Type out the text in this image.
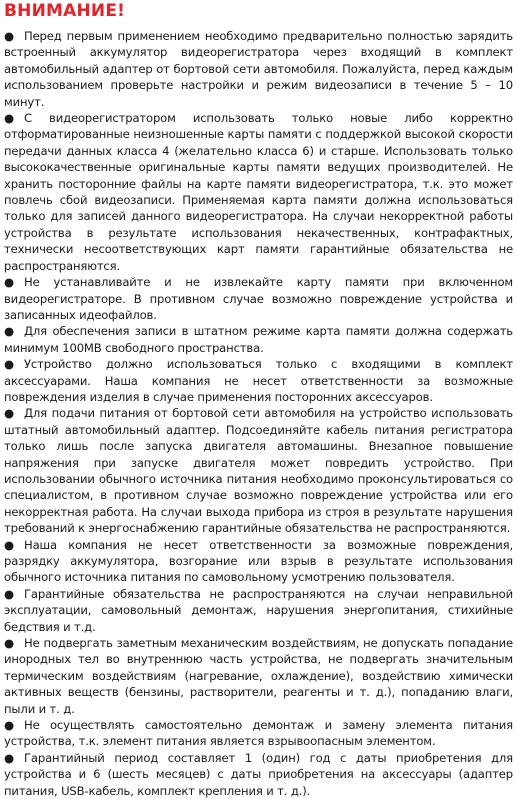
ВНИМАНИЕ!
● Перед первым применением необходимо предварительно полностью зарядить встроенный аккумулятор видеорегистратора через входящий в комплект автомобильный адаптер от бортовой сети автомобиля. Пожалуйста, перед каждым использованием проверьте настройки и режим видеозаписи в течение 5 – 10 минут.
● С видеорегистратором использовать только новые либо корректно отформатированные неизношенные карты памяти с поддержкой высокой скорости передачи данных класса 4 (желательно класса 6) и старше. Использовать только высококачественные оригинальные карты памяти ведущих производителей. Не хранить посторонние файлы на карте памяти видеорегистратора, т.к. это может повлечь сбой видеозаписи. Применяемая карта памяти должна использоваться только для записей данного видеорегистратора. На случаи некорректной работы устройства в результате использования некачественных, контрафактных, технически несоответствующих карт памяти гарантийные обязательства не распространяются.
● Не устанавливайте и не извлекайте карту памяти при включенном видеорегистраторе. В противном случае возможно повреждение устройства и записанных идеофайлов.
● Для обеспечения записи в штатном режиме карта памяти должна содержать минимум 100MB свободного пространства.
● Устройство должно использоваться только с входящими в комплект аксессуарами. Наша компания не несет ответственности за возможные повреждения изделия в случае применения посторонних аксессуаров.
● Для подачи питания от бортовой сети автомобиля на устройство использовать штатный автомобильный адаптер. Подсоединяйте кабель питания регистратора только лишь после запуска двигателя автомашины. Внезапное повышение напряжения при запуске двигателя может повредить устройство. При использовании обычного источника питания необходимо проконсультироваться со специалистом, в противном случае возможно повреждение устройства или его некорректная работа. На случаи выхода прибора из строя в результате нарушения требований к энергоснабжению гарантийные обязательства не распространяются.
● Наша компания не несет ответственности за возможные повреждения, разрядку аккумулятора, возгорание или взрыв в результате использования обычного источника питания по самовольному усмотрению пользователя.
● Гарантийные обязательства не распространяются на случаи неправильной эксплуатации, самовольный демонтаж, нарушения энергопитания, стихийные бедствия и т.д.
● Не подвергать заметным механическим воздействиям, не допускать попадание инородных тел во внутреннюю часть устройства, не подвергать значительным термическим воздействиям (нагревание, охлаждение), воздействию химически активных веществ (бензины, растворители, реагенты и т. д.), попаданию влаги, пыли и т. д.
● Не осуществлять самостоятельно демонтаж и замену элемента питания устройства, т.к. элемент питания является взрывоопасным элементом.
● Гарантийный период составляет 1 (один) год с даты приобретения для устройства и 6 (шесть месяцев) с даты приобретения на аксессуары (адаптер питания, USB-кабель, комплект крепления и т. д.).
